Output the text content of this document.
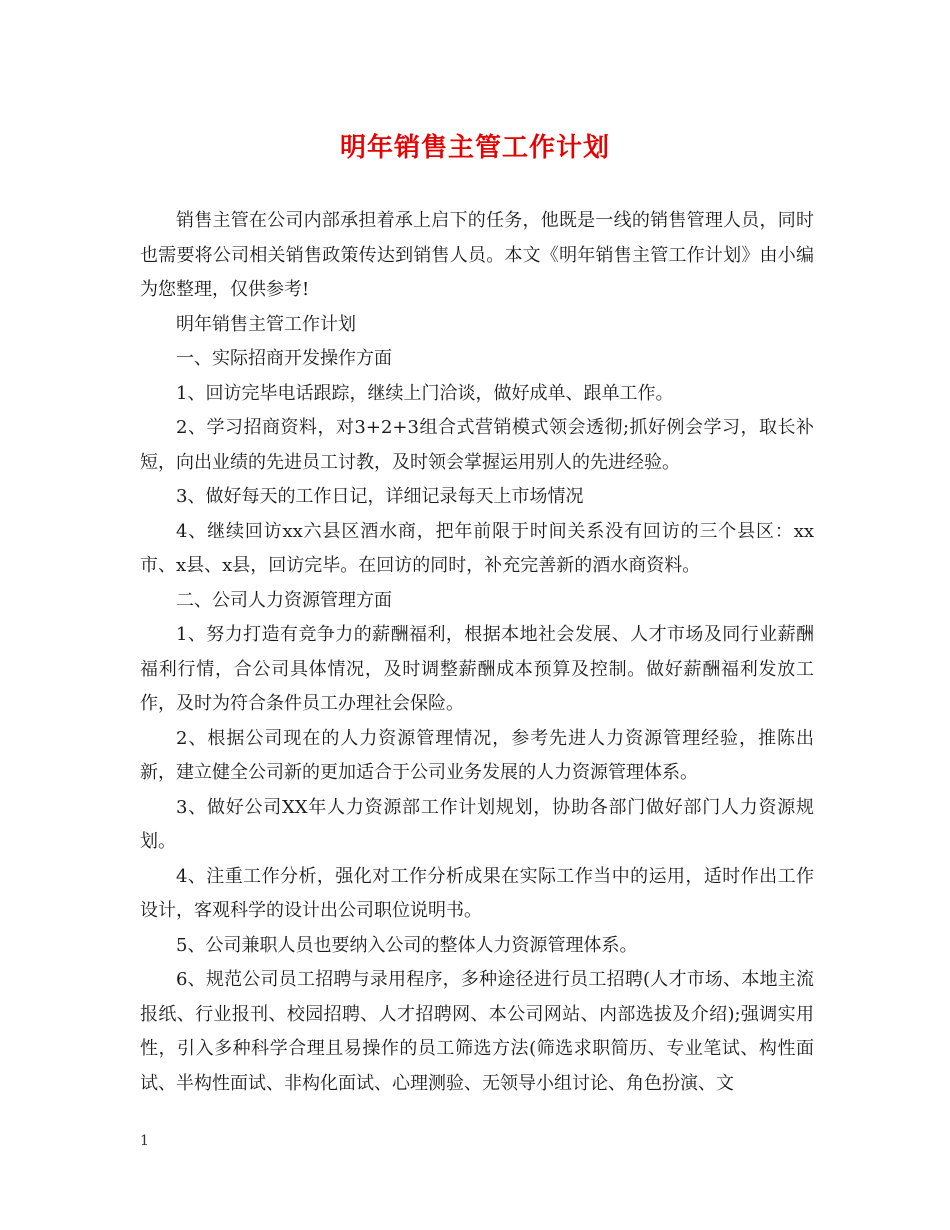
明年销售主管工作计划

销售主管在公司内部承担着承上启下的任务，他既是一线的销售管理人员，同时也需要将公司相关销售政策传达到销售人员。本文《明年销售主管工作计划》由小编为您整理，仅供参考!

明年销售主管工作计划

一、实际招商开发操作方面

1、回访完毕电话跟踪，继续上门洽谈，做好成单、跟单工作。

2、学习招商资料，对3+2+3组合式营销模式领会透彻;抓好例会学习，取长补短，向出业绩的先进员工讨教，及时领会掌握运用别人的先进经验。

3、做好每天的工作日记，详细记录每天上市场情况

4、继续回访xx六县区酒水商，把年前限于时间关系没有回访的三个县区：xx市、x县、x县，回访完毕。在回访的同时，补充完善新的酒水商资料。

二、公司人力资源管理方面

1、努力打造有竞争力的薪酬福利，根据本地社会发展、人才市场及同行业薪酬福利行情，合公司具体情况，及时调整薪酬成本预算及控制。做好薪酬福利发放工作，及时为符合条件员工办理社会保险。

2、根据公司现在的人力资源管理情况，参考先进人力资源管理经验，推陈出新，建立健全公司新的更加适合于公司业务发展的人力资源管理体系。

3、做好公司XX年人力资源部工作计划规划，协助各部门做好部门人力资源规划。

4、注重工作分析，强化对工作分析成果在实际工作当中的运用，适时作出工作设计，客观科学的设计出公司职位说明书。

5、公司兼职人员也要纳入公司的整体人力资源管理体系。

6、规范公司员工招聘与录用程序，多种途径进行员工招聘(人才市场、本地主流报纸、行业报刊、校园招聘、人才招聘网、本公司网站、内部选拔及介绍);强调实用性，引入多种科学合理且易操作的员工筛选方法(筛选求职简历、专业笔试、构性面试、半构性面试、非构化面试、心理测验、无领导小组讨论、角色扮演、文

1
